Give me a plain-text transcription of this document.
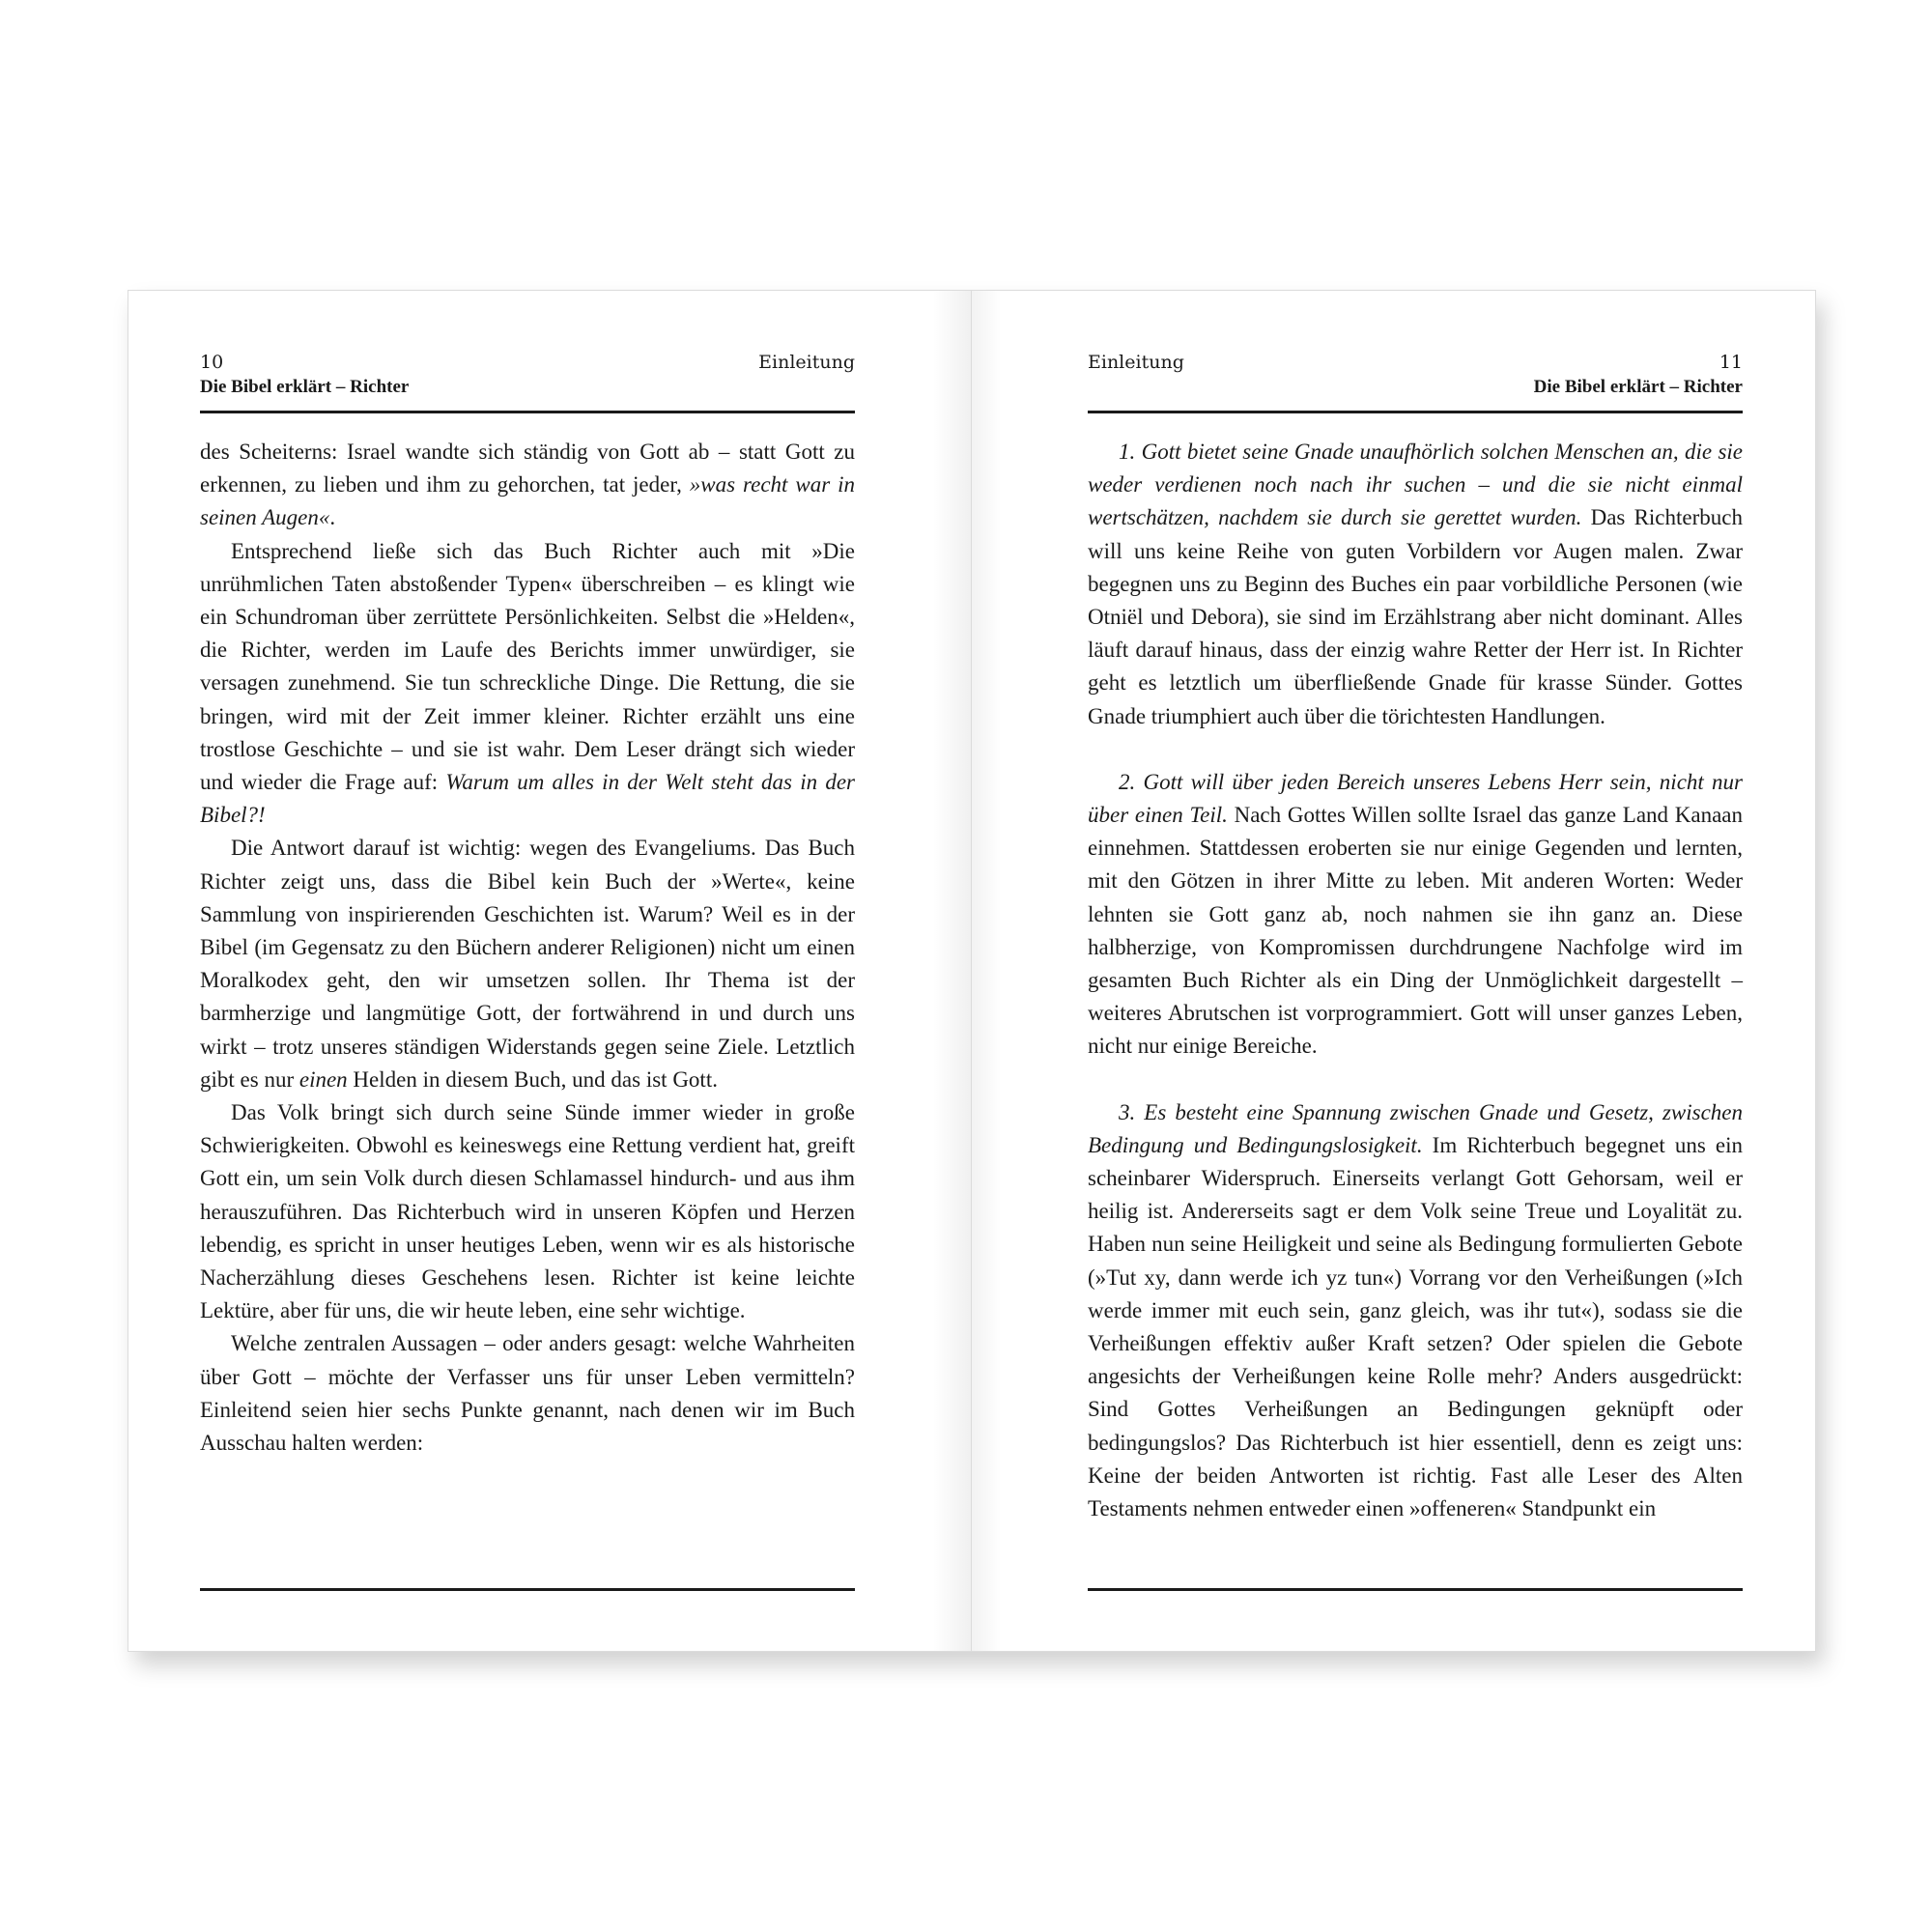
10	Einleitung
Die Bibel erklärt – Richter

des Scheiterns: Israel wandte sich ständig von Gott ab – statt Gott zu erkennen, zu lieben und ihm zu gehorchen, tat jeder, »was recht war in seinen Augen«.

Entsprechend ließe sich das Buch Richter auch mit »Die unrühmlichen Taten abstoßender Typen« überschreiben – es klingt wie ein Schundroman über zerrüttete Persönlichkeiten. Selbst die »Helden«, die Richter, werden im Laufe des Berichts immer unwürdiger, sie versagen zunehmend. Sie tun schreckliche Dinge. Die Rettung, die sie bringen, wird mit der Zeit immer kleiner. Richter erzählt uns eine trostlose Geschichte – und sie ist wahr. Dem Leser drängt sich wieder und wieder die Frage auf: Warum um alles in der Welt steht das in der Bibel?!

Die Antwort darauf ist wichtig: wegen des Evangeliums. Das Buch Richter zeigt uns, dass die Bibel kein Buch der »Werte«, keine Sammlung von inspirierenden Geschichten ist. Warum? Weil es in der Bibel (im Gegensatz zu den Büchern anderer Religionen) nicht um einen Moralkodex geht, den wir umsetzen sollen. Ihr Thema ist der barmherzige und langmütige Gott, der fortwährend in und durch uns wirkt – trotz unseres ständigen Widerstands gegen seine Ziele. Letztlich gibt es nur einen Helden in diesem Buch, und das ist Gott.

Das Volk bringt sich durch seine Sünde immer wieder in große Schwierigkeiten. Obwohl es keineswegs eine Rettung verdient hat, greift Gott ein, um sein Volk durch diesen Schlamassel hindurch- und aus ihm herauszuführen. Das Richterbuch wird in unseren Köpfen und Herzen lebendig, es spricht in unser heutiges Leben, wenn wir es als historische Nacherzählung dieses Geschehens lesen. Richter ist keine leichte Lektüre, aber für uns, die wir heute leben, eine sehr wichtige.

Welche zentralen Aussagen – oder anders gesagt: welche Wahrheiten über Gott – möchte der Verfasser uns für unser Leben vermitteln? Einleitend seien hier sechs Punkte genannt, nach denen wir im Buch Ausschau halten werden:

Einleitung	11
Die Bibel erklärt – Richter

1. Gott bietet seine Gnade unaufhörlich solchen Menschen an, die sie weder verdienen noch nach ihr suchen – und die sie nicht einmal wertschätzen, nachdem sie durch sie gerettet wurden. Das Richterbuch will uns keine Reihe von guten Vorbildern vor Augen malen. Zwar begegnen uns zu Beginn des Buches ein paar vorbildliche Personen (wie Otniël und Debora), sie sind im Erzählstrang aber nicht dominant. Alles läuft darauf hinaus, dass der einzig wahre Retter der Herr ist. In Richter geht es letztlich um überfließende Gnade für krasse Sünder. Gottes Gnade triumphiert auch über die törichtesten Handlungen.

2. Gott will über jeden Bereich unseres Lebens Herr sein, nicht nur über einen Teil. Nach Gottes Willen sollte Israel das ganze Land Kanaan einnehmen. Stattdessen eroberten sie nur einige Gegenden und lernten, mit den Götzen in ihrer Mitte zu leben. Mit anderen Worten: Weder lehnten sie Gott ganz ab, noch nahmen sie ihn ganz an. Diese halbherzige, von Kompromissen durchdrungene Nachfolge wird im gesamten Buch Richter als ein Ding der Unmöglichkeit dargestellt – weiteres Abrutschen ist vorprogrammiert. Gott will unser ganzes Leben, nicht nur einige Bereiche.

3. Es besteht eine Spannung zwischen Gnade und Gesetz, zwischen Bedingung und Bedingungslosigkeit. Im Richterbuch begegnet uns ein scheinbarer Widerspruch. Einerseits verlangt Gott Gehorsam, weil er heilig ist. Andererseits sagt er dem Volk seine Treue und Loyalität zu. Haben nun seine Heiligkeit und seine als Bedingung formulierten Gebote (»Tut xy, dann werde ich yz tun«) Vorrang vor den Verheißungen (»Ich werde immer mit euch sein, ganz gleich, was ihr tut«), sodass sie die Verheißungen effektiv außer Kraft setzen? Oder spielen die Gebote angesichts der Verheißungen keine Rolle mehr? Anders ausgedrückt: Sind Gottes Verheißungen an Bedingungen geknüpft oder bedingungslos? Das Richterbuch ist hier essentiell, denn es zeigt uns: Keine der beiden Antworten ist richtig. Fast alle Leser des Alten Testaments nehmen entweder einen »offeneren« Standpunkt ein
